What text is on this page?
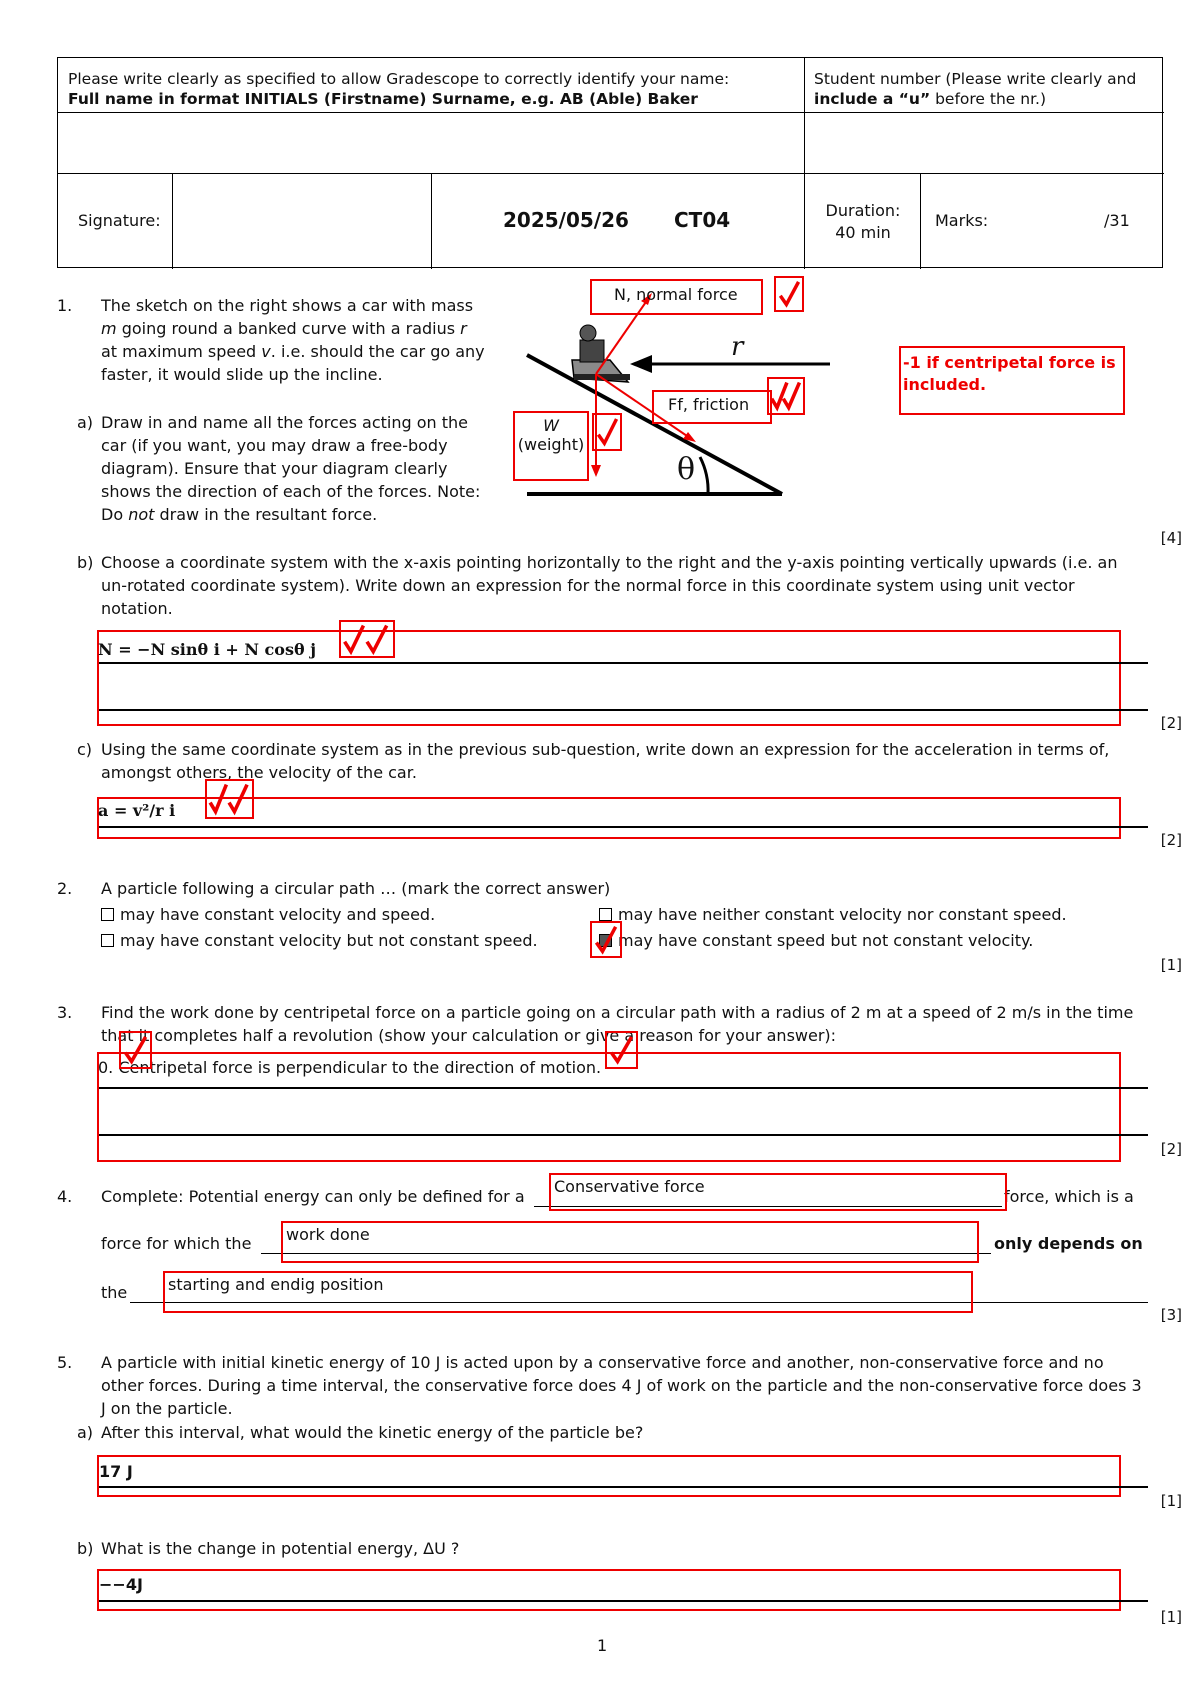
Please write clearly as specified to allow Gradescope to correctly identify your name:
Full name in format INITIALS (Firstname) Surname, e.g. AB (Able) Baker
Student number (Please write clearly and
include a “u” before the nr.)
Signature:	2025/05/26 CT04	Duration:
40 min
Marks:	/31
1. The sketch on the right shows a car with mass
m going round a banked curve with a radius r
at maximum speed v. i.e. should the car go any
faster, it would slide up the incline.
a) Draw in and name all the forces acting on the
car (if you want, you may draw a free-body
diagram). Ensure that your diagram clearly
shows the direction of each of the forces. Note:
Do not draw in the resultant force.
N, normal force
Ff, friction
W
(weight)
r
θ
-1 if centripetal force is included.
[4]
b) Choose a coordinate system with the x-axis pointing horizontally to the right and the y-axis pointing vertically upwards (i.e. an un-rotated coordinate system). Write down an expression for the normal force in this coordinate system using unit vector notation.
N = −N sinθ i + N cosθ j
[2]
c) Using the same coordinate system as in the previous sub-question, write down an expression for the acceleration in terms of, amongst others, the velocity of the car.
a = v²/r i
[2]
2. A particle following a circular path … (mark the correct answer)
may have constant velocity and speed.	may have neither constant velocity nor constant speed.
may have constant velocity but not constant speed.	may have constant speed but not constant velocity.
[1]
3. Find the work done by centripetal force on a particle going on a circular path with a radius of 2 m at a speed of 2 m/s in the time that it completes half a revolution (show your calculation or give a reason for your answer):
0. Centripetal force is perpendicular to the direction of motion.
[2]
4. Complete: Potential energy can only be defined for a	force, which is a
Conservative force
force for which the	only depends on
work done
the	starting and endig position
[3]
5. A particle with initial kinetic energy of 10 J is acted upon by a conservative force and another, non-conservative force and no other forces. During a time interval, the conservative force does 4 J of work on the particle and the non-conservative force does 3 J on the particle.
a) After this interval, what would the kinetic energy of the particle be?
17 J
[1]
b) What is the change in potential energy, ΔU ?
−−4J
[1]
1
